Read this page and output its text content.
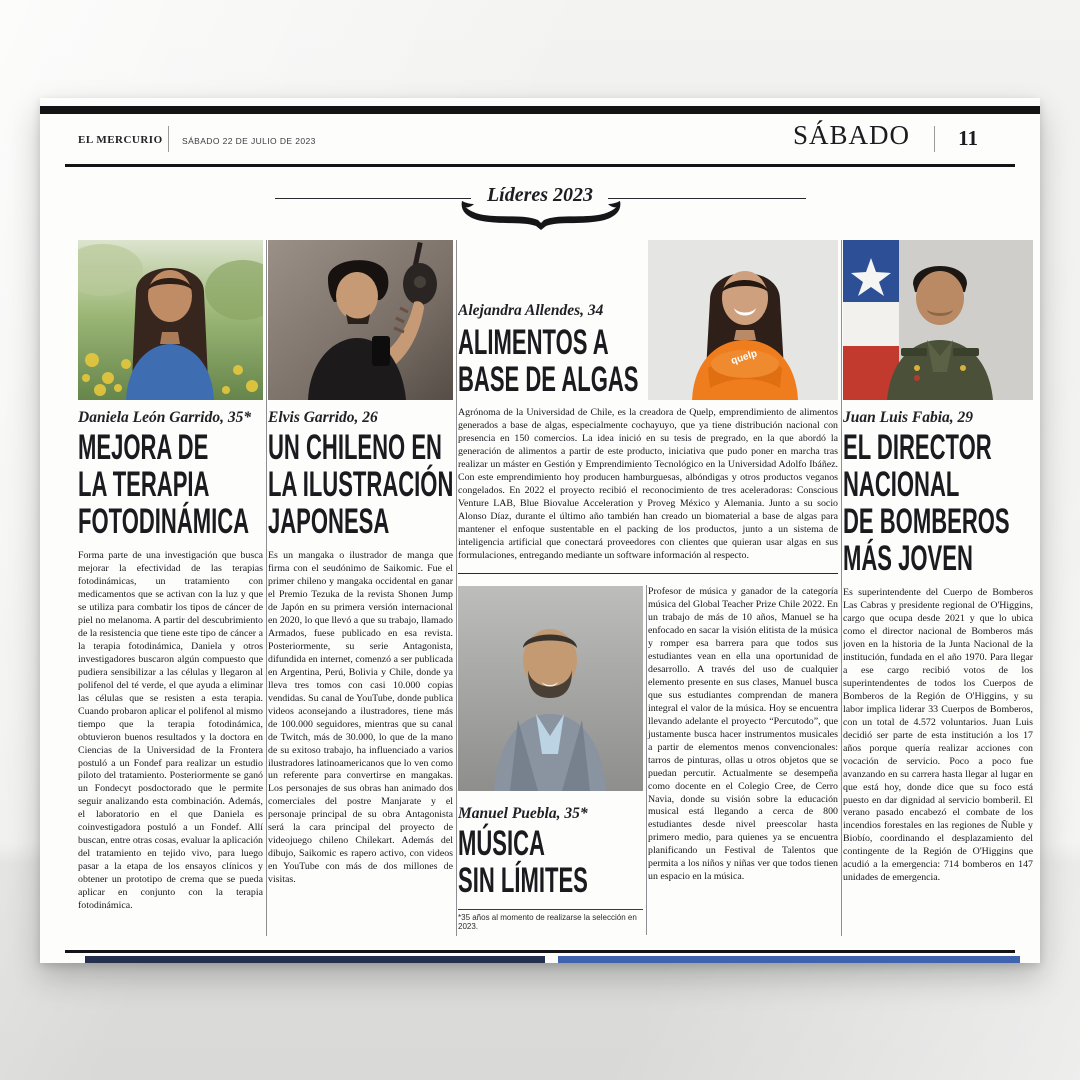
EL MERCURIO SÁBADO 22 DE JULIO DE 2023	SÁBADO 11
Líderes 2023
Daniela León Garrido, 35*
MEJORA DE
LA TERAPIA
FOTODINÁMICA
Forma parte de una investigación que busca mejorar la efectividad de las terapias fotodinámicas, un tratamiento con medicamentos que se activan con la luz y que se utiliza para combatir los tipos de cáncer de piel no melanoma. A partir del descubrimiento de la resistencia que tiene este tipo de cáncer a la terapia fotodinámica, Daniela y otros investigadores buscaron algún compuesto que pudiera sensibilizar a las células y llegaron al polifenol del té verde, el que ayuda a eliminar las células que se resisten a esta terapia. Cuando probaron aplicar el polifenol al mismo tiempo que la terapia fotodinámica, obtuvieron buenos resultados y la doctora en Ciencias de la Universidad de la Frontera postuló a un Fondef para realizar un estudio piloto del tratamiento. Posteriormente se ganó un Fondecyt posdoctorado que le permite seguir analizando esta combinación. Además, el laboratorio en el que Daniela es coinvestigadora postuló a un Fondef. Allí buscan, entre otras cosas, evaluar la aplicación del tratamiento en tejido vivo, para luego pasar a la etapa de los ensayos clínicos y obtener un prototipo de crema que se pueda aplicar en conjunto con la terapia fotodinámica.
Elvis Garrido, 26
UN CHILENO EN
LA ILUSTRACIÓN
JAPONESA
Es un mangaka o ilustrador de manga que firma con el seudónimo de Saikomic. Fue el primer chileno y mangaka occidental en ganar el Premio Tezuka de la revista Shonen Jump de Japón en su primera versión internacional en 2020, lo que llevó a que su trabajo, llamado Armados, fuese publicado en esa revista. Posteriormente, su serie Antagonista, difundida en internet, comenzó a ser publicada en Argentina, Perú, Bolivia y Chile, donde ya lleva tres tomos con casi 10.000 copias vendidas. Su canal de YouTube, donde publica videos aconsejando a ilustradores, tiene más de 100.000 seguidores, mientras que su canal de Twitch, más de 30.000, lo que de la mano de su exitoso trabajo, ha influenciado a varios ilustradores latinoamericanos que lo ven como un referente para convertirse en mangakas. Los personajes de sus obras han animado dos comerciales del postre Manjarate y el personaje principal de su obra Antagonista será la cara principal del proyecto de videojuego chileno Chilekart. Además del dibujo, Saikomic es rapero activo, con videos en YouTube con más de dos millones de visitas.
Alejandra Allendes, 34
ALIMENTOS A
BASE DE ALGAS
quelp
Agrónoma de la Universidad de Chile, es la creadora de Quelp, emprendimiento de alimentos generados a base de algas, especialmente cochayuyo, que ya tiene distribución nacional con presencia en 150 comercios. La idea inició en su tesis de pregrado, en la que abordó la generación de alimentos a partir de este producto, iniciativa que pudo poner en marcha tras realizar un máster en Gestión y Emprendimiento Tecnológico en la Universidad Adolfo Ibáñez. Con este emprendimiento hoy producen hamburguesas, albóndigas y otros productos veganos congelados. En 2022 el proyecto recibió el reconocimiento de tres aceleradoras: Conscious Venture LAB, Blue Biovalue Acceleration y Proveg México y Alemania. Junto a su socio Alonso Díaz, durante el último año también han creado un biomaterial a base de algas para mantener el enfoque sustentable en el packing de los productos, junto a un sistema de inteligencia artificial que conectará proveedores con clientes que quieran usar algas en sus formulaciones, entregando mediante un software información al respecto.
Manuel Puebla, 35*
MÚSICA
SIN LÍMITES
*35 años al momento de realizarse la selección en 2023.
Profesor de música y ganador de la categoría música del Global Teacher Prize Chile 2022. En un trabajo de más de 10 años, Manuel se ha enfocado en sacar la visión elitista de la música y romper esa barrera para que todos sus estudiantes vean en ella una oportunidad de desarrollo. A través del uso de cualquier elemento presente en sus clases, Manuel busca que sus estudiantes comprendan de manera integral el valor de la música. Hoy se encuentra llevando adelante el proyecto “Percutodo”, que justamente busca hacer instrumentos musicales a partir de elementos menos convencionales: tarros de pinturas, ollas u otros objetos que se puedan percutir. Actualmente se desempeña como docente en el Colegio Cree, de Cerro Navia, donde su visión sobre la educación musical está llegando a cerca de 800 estudiantes desde nivel preescolar hasta primero medio, para quienes ya se encuentra planificando un Festival de Talentos que permita a los niños y niñas ver que todos tienen un espacio en la música.
Juan Luis Fabia, 29
EL DIRECTOR
NACIONAL
DE BOMBEROS
MÁS JOVEN
Es superintendente del Cuerpo de Bomberos Las Cabras y presidente regional de O'Higgins, cargo que ocupa desde 2021 y que lo ubica como el director nacional de Bomberos más joven en la historia de la Junta Nacional de la institución, fundada en el año 1970. Para llegar a ese cargo recibió votos de los superintendentes de todos los Cuerpos de Bomberos de la Región de O'Higgins, y su labor implica liderar 33 Cuerpos de Bomberos, con un total de 4.572 voluntarios. Juan Luis decidió ser parte de esta institución a los 17 años porque quería realizar acciones con vocación de servicio. Poco a poco fue avanzando en su carrera hasta llegar al lugar en que está hoy, donde dice que su foco está puesto en dar dignidad al servicio bomberil. El verano pasado encabezó el combate de los incendios forestales en las regiones de Ñuble y Biobío, coordinando el desplazamiento del contingente de la Región de O'Higgins que acudió a la emergencia: 714 bomberos en 147 unidades de emergencia.
